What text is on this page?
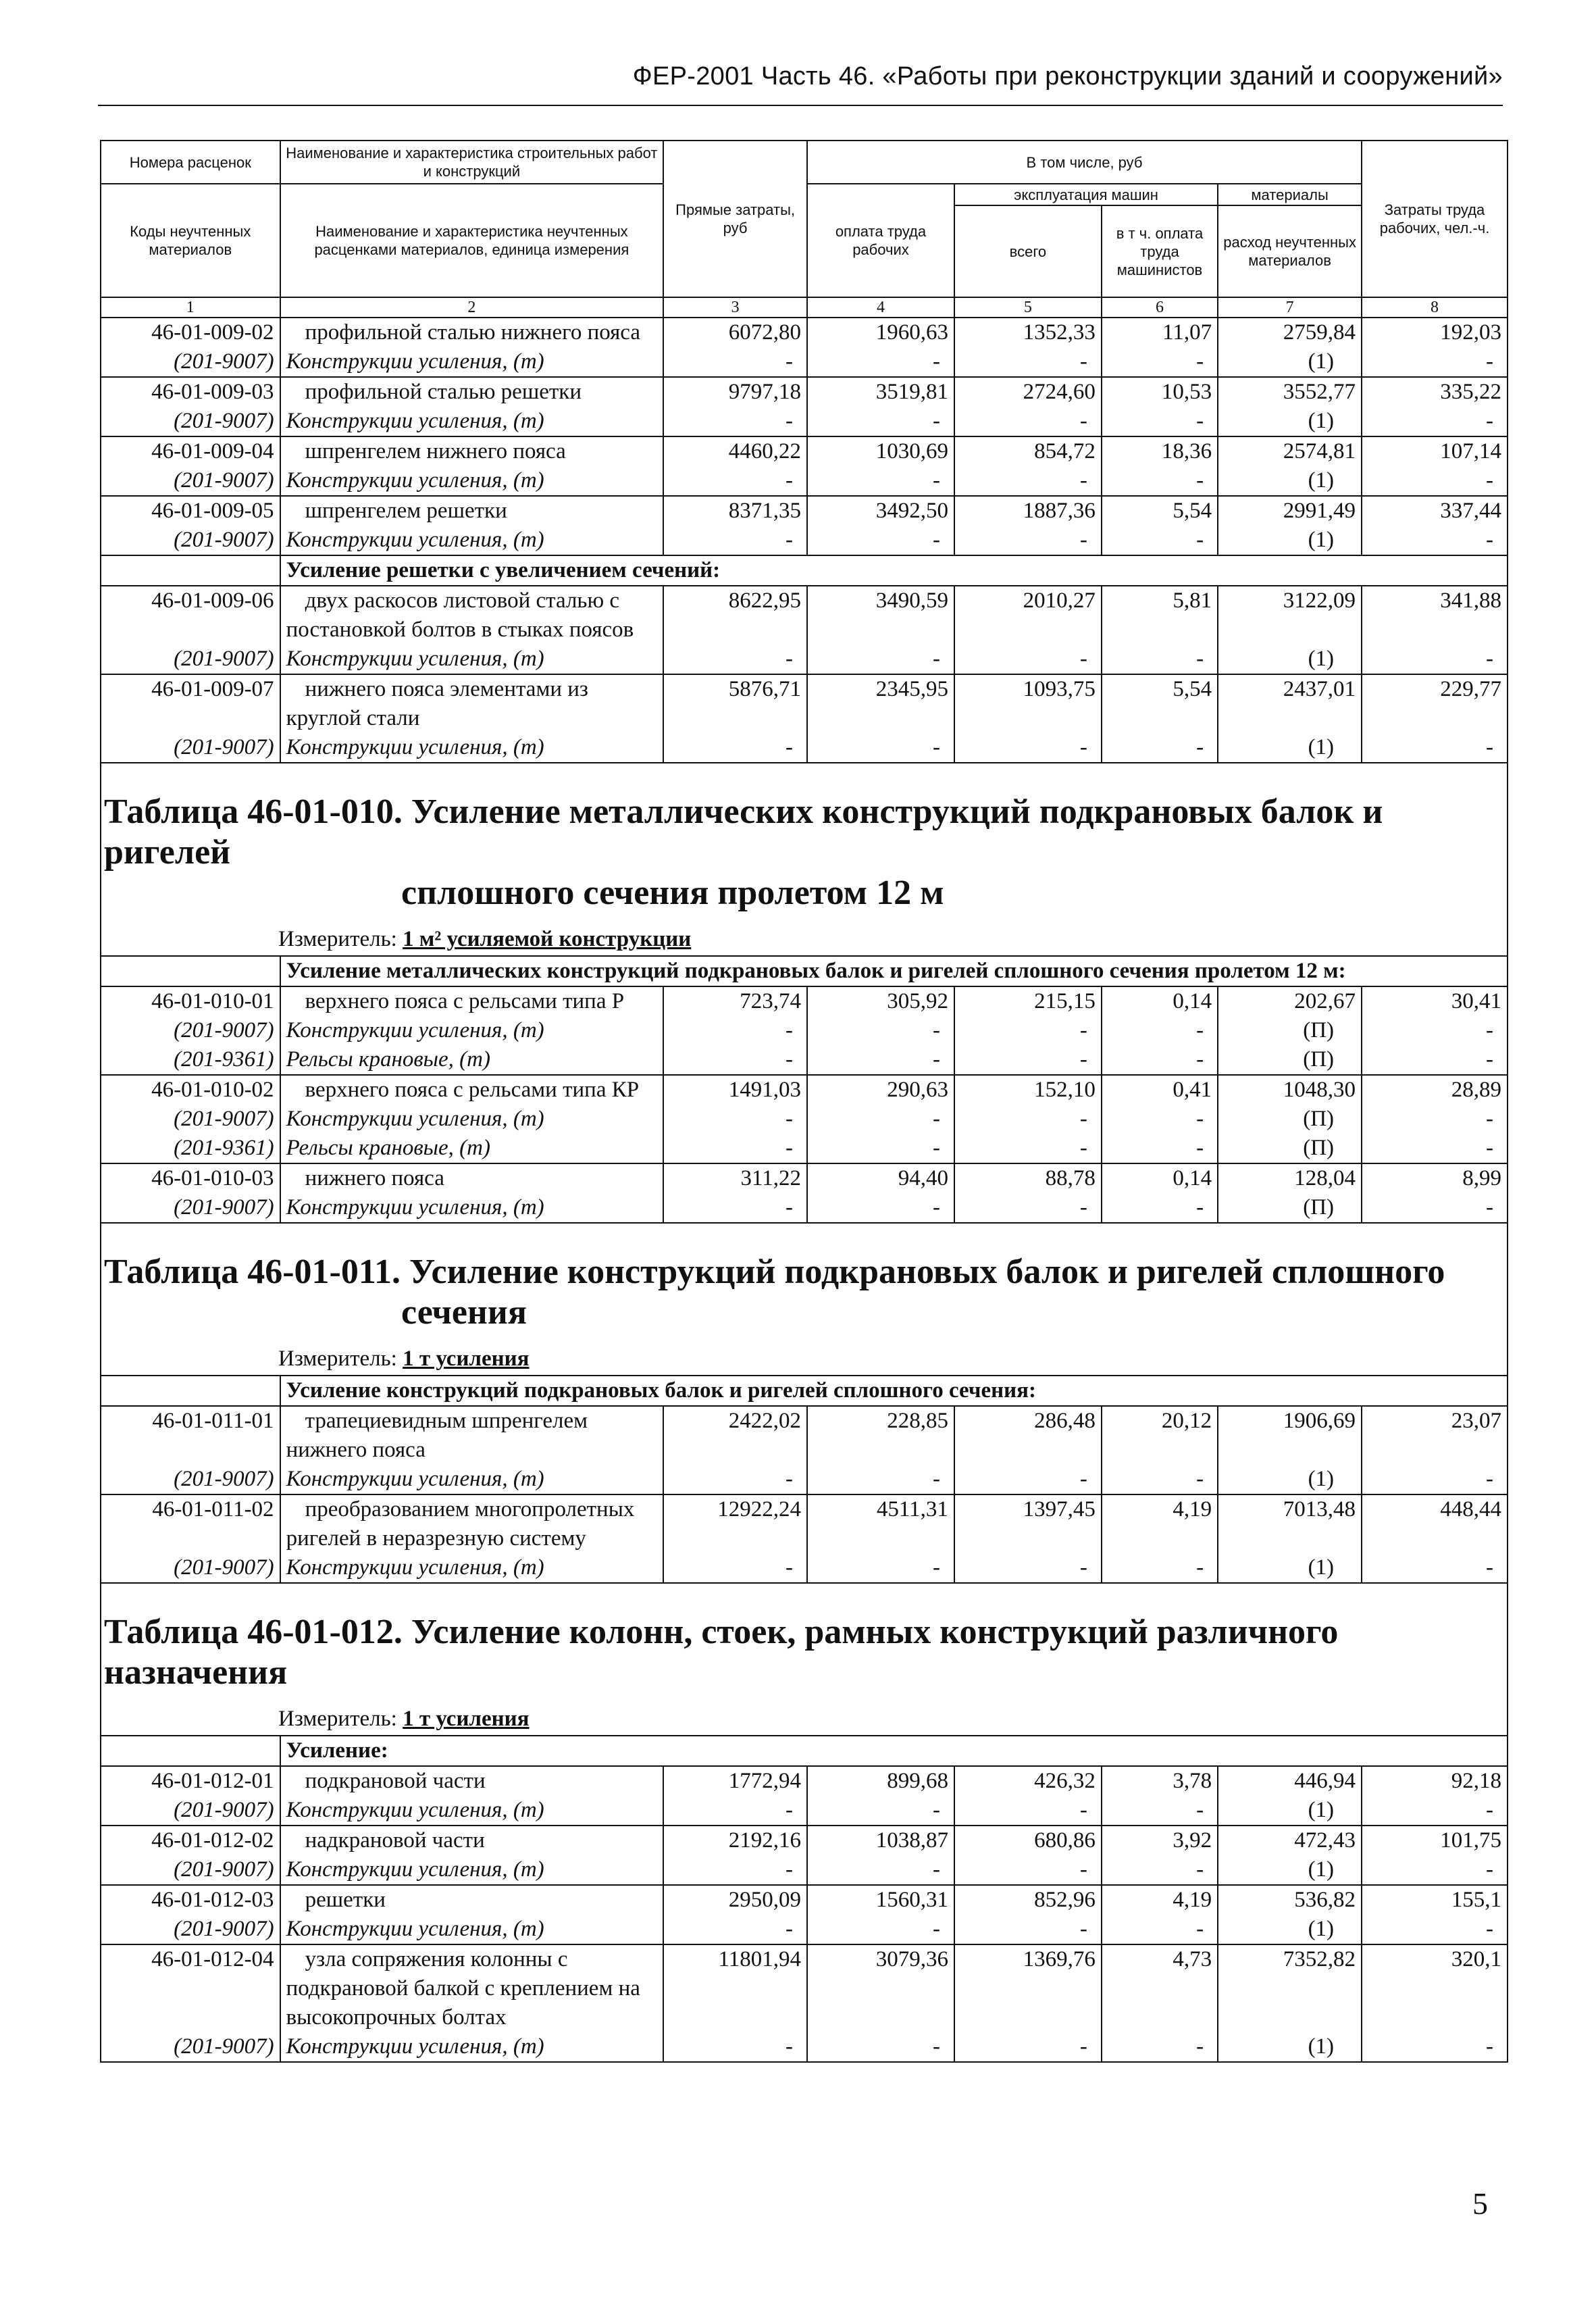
ФЕР-2001 Часть 46. «Работы при реконструкции зданий и сооружений»
Номера расценок	Наименование и характеристика строительных работ и конструкций	Прямые затраты, руб	В том числе, руб				Затраты труда рабочих, чел.-ч.
Коды неучтенных материалов	Наименование и характеристика неучтенных расценками материалов, единица измерения		оплата труда рабочих	эксплуатация машин		материалы	
				всего	в т ч. оплата труда машинистов	расход неучтенных материалов	
1	2	3	4	5	6	7	8
46-01-009-02	профильной сталью нижнего пояса	6072,80	1960,63	1352,33	11,07	2759,84	192,03
(201-9007)	Конструкции усиления, (т)	-	-	-	-	(1)	-
46-01-009-03	профильной сталью решетки	9797,18	3519,81	2724,60	10,53	3552,77	335,22
(201-9007)	Конструкции усиления, (т)	-	-	-	-	(1)	-
46-01-009-04	шпренгелем нижнего пояса	4460,22	1030,69	854,72	18,36	2574,81	107,14
(201-9007)	Конструкции усиления, (т)	-	-	-	-	(1)	-
46-01-009-05	шпренгелем решетки	8371,35	3492,50	1887,36	5,54	2991,49	337,44
(201-9007)	Конструкции усиления, (т)	-	-	-	-	(1)	-
	Усиление решетки с увеличением сечений:						
46-01-009-06	двух раскосов листовой сталью с постановкой болтов в стыках поясов	8622,95	3490,59	2010,27	5,81	3122,09	341,88
(201-9007)	Конструкции усиления, (т)	-	-	-	-	(1)	-
46-01-009-07	нижнего пояса элементами из круглой стали	5876,71	2345,95	1093,75	5,54	2437,01	229,77
(201-9007)	Конструкции усиления, (т)	-	-	-	-	(1)	-

Таблица 46-01-010. Усиление металлических конструкций подкрановых балок и ригелей
сплошного сечения пролетом 12 м
Измеритель: 1 м² усиляемой конструкции							

	Усиление металлических конструкций подкрановых балок и ригелей сплошного сечения пролетом 12 м:						
46-01-010-01	верхнего пояса с рельсами типа Р	723,74	305,92	215,15	0,14	202,67	30,41
(201-9007)	Конструкции усиления, (т)	-	-	-	-	(П)	-
(201-9361)	Рельсы крановые, (т)	-	-	-	-	(П)	-
46-01-010-02	верхнего пояса с рельсами типа КР	1491,03	290,63	152,10	0,41	1048,30	28,89
(201-9007)	Конструкции усиления, (т)	-	-	-	-	(П)	-
(201-9361)	Рельсы крановые, (т)	-	-	-	-	(П)	-
46-01-010-03	нижнего пояса	311,22	94,40	88,78	0,14	128,04	8,99
(201-9007)	Конструкции усиления, (т)	-	-	-	-	(П)	-

Таблица 46-01-011. Усиление конструкций подкрановых балок и ригелей сплошного
сечения
Измеритель: 1 т усиления							

	Усиление конструкций подкрановых балок и ригелей сплошного сечения:						
46-01-011-01	трапециевидным шпренгелем нижнего пояса	2422,02	228,85	286,48	20,12	1906,69	23,07
(201-9007)	Конструкции усиления, (т)	-	-	-	-	(1)	-
46-01-011-02	преобразованием многопролетных ригелей в неразрезную систему	12922,24	4511,31	1397,45	4,19	7013,48	448,44
(201-9007)	Конструкции усиления, (т)	-	-	-	-	(1)	-

Таблица 46-01-012. Усиление колонн, стоек, рамных конструкций различного назначения
Измеритель: 1 т усиления							

	Усиление:						
46-01-012-01	подкрановой части	1772,94	899,68	426,32	3,78	446,94	92,18
(201-9007)	Конструкции усиления, (т)	-	-	-	-	(1)	-
46-01-012-02	надкрановой части	2192,16	1038,87	680,86	3,92	472,43	101,75
(201-9007)	Конструкции усиления, (т)	-	-	-	-	(1)	-
46-01-012-03	решетки	2950,09	1560,31	852,96	4,19	536,82	155,1
(201-9007)	Конструкции усиления, (т)	-	-	-	-	(1)	-
46-01-012-04	узла сопряжения колонны с подкрановой балкой с креплением на высокопрочных болтах	11801,94	3079,36	1369,76	4,73	7352,82	320,1
(201-9007)	Конструкции усиления, (т)	-	-	-	-	(1)	-
5
